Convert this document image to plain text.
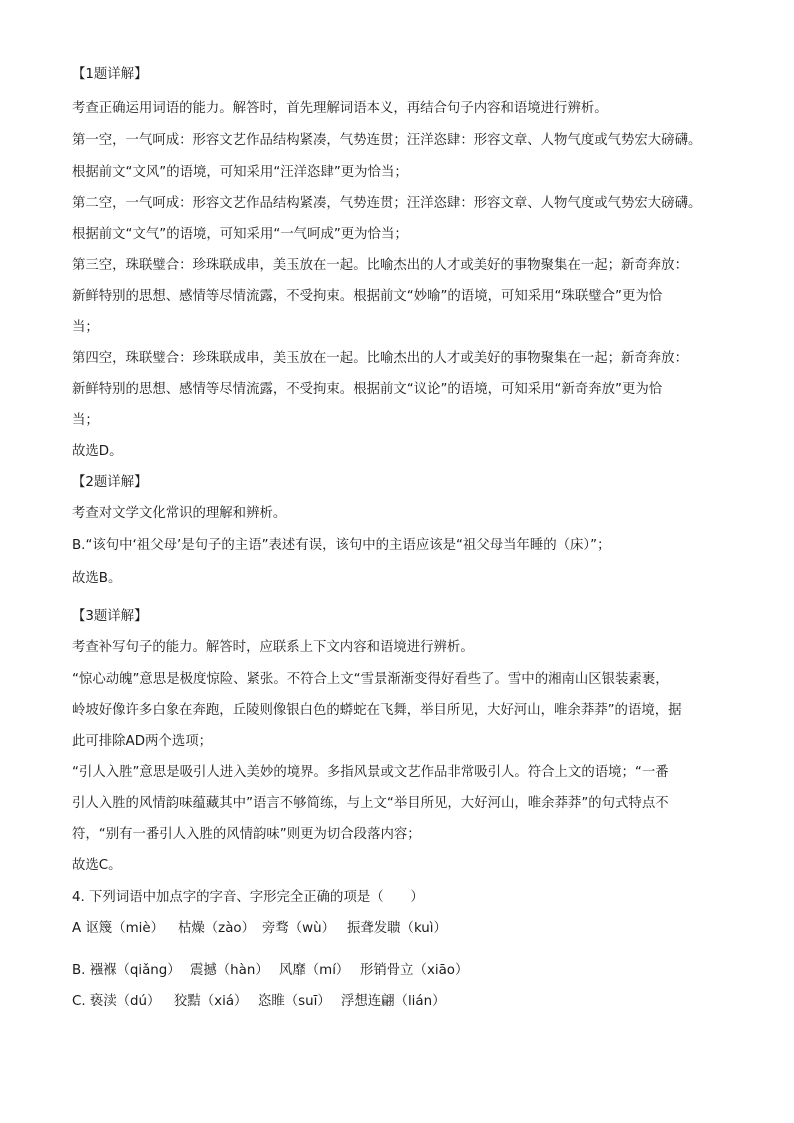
【1题详解】
考查正确运用词语的能力。解答时，首先理解词语本义，再结合句子内容和语境进行辨析。
第一空，一气呵成：形容文艺作品结构紧凑，气势连贯；汪洋恣肆：形容文章、人物气度或气势宏大磅礴。
根据前文“文风”的语境，可知采用“汪洋恣肆”更为恰当；
第二空，一气呵成：形容文艺作品结构紧凑，气势连贯；汪洋恣肆：形容文章、人物气度或气势宏大磅礴。
根据前文“文气”的语境，可知采用“一气呵成”更为恰当；
第三空，珠联璧合：珍珠联成串，美玉放在一起。比喻杰出的人才或美好的事物聚集在一起；新奇奔放：
新鲜特别的思想、感情等尽情流露，不受拘束。根据前文“妙喻”的语境，可知采用“珠联璧合”更为恰
当；
第四空，珠联璧合：珍珠联成串，美玉放在一起。比喻杰出的人才或美好的事物聚集在一起；新奇奔放：
新鲜特别的思想、感情等尽情流露，不受拘束。根据前文“议论”的语境，可知采用“新奇奔放”更为恰
当；
故选D。
【2题详解】
考查对文学文化常识的理解和辨析。
B.“该句中‘祖父母’是句子的主语”表述有误，该句中的主语应该是“祖父母当年睡的（床）”；
故选B。
【3题详解】
考查补写句子的能力。解答时，应联系上下文内容和语境进行辨析。
“惊心动魄”意思是极度惊险、紧张。不符合上文“雪景渐渐变得好看些了。雪中的湘南山区银装素裹，
岭坡好像许多白象在奔跑，丘陵则像银白色的蟒蛇在飞舞，举目所见，大好河山，唯余莽莽”的语境，据
此可排除AD两个选项；
“引人入胜”意思是吸引人进入美妙的境界。多指风景或文艺作品非常吸引人。符合上文的语境；“一番
引人入胜的风情韵味蕴藏其中”语言不够简练，与上文“举目所见，大好河山，唯余莽莽”的句式特点不
符，“别有一番引人入胜的风情韵味”则更为切合段落内容；
故选C。
4. 下列词语中加点字的字音、字形完全正确的项是（　　）
A 讴篾（miè） 枯燥（zào） 旁骛（wù） 振聋发聩（kuì）
B. 襁褓（qiǎng） 震撼（hàn） 风靡（mí） 形销骨立（xiāo）
C. 亵渎（dú） 狡黠（xiá） 恣睢（suī） 浮想连翩（lián）
